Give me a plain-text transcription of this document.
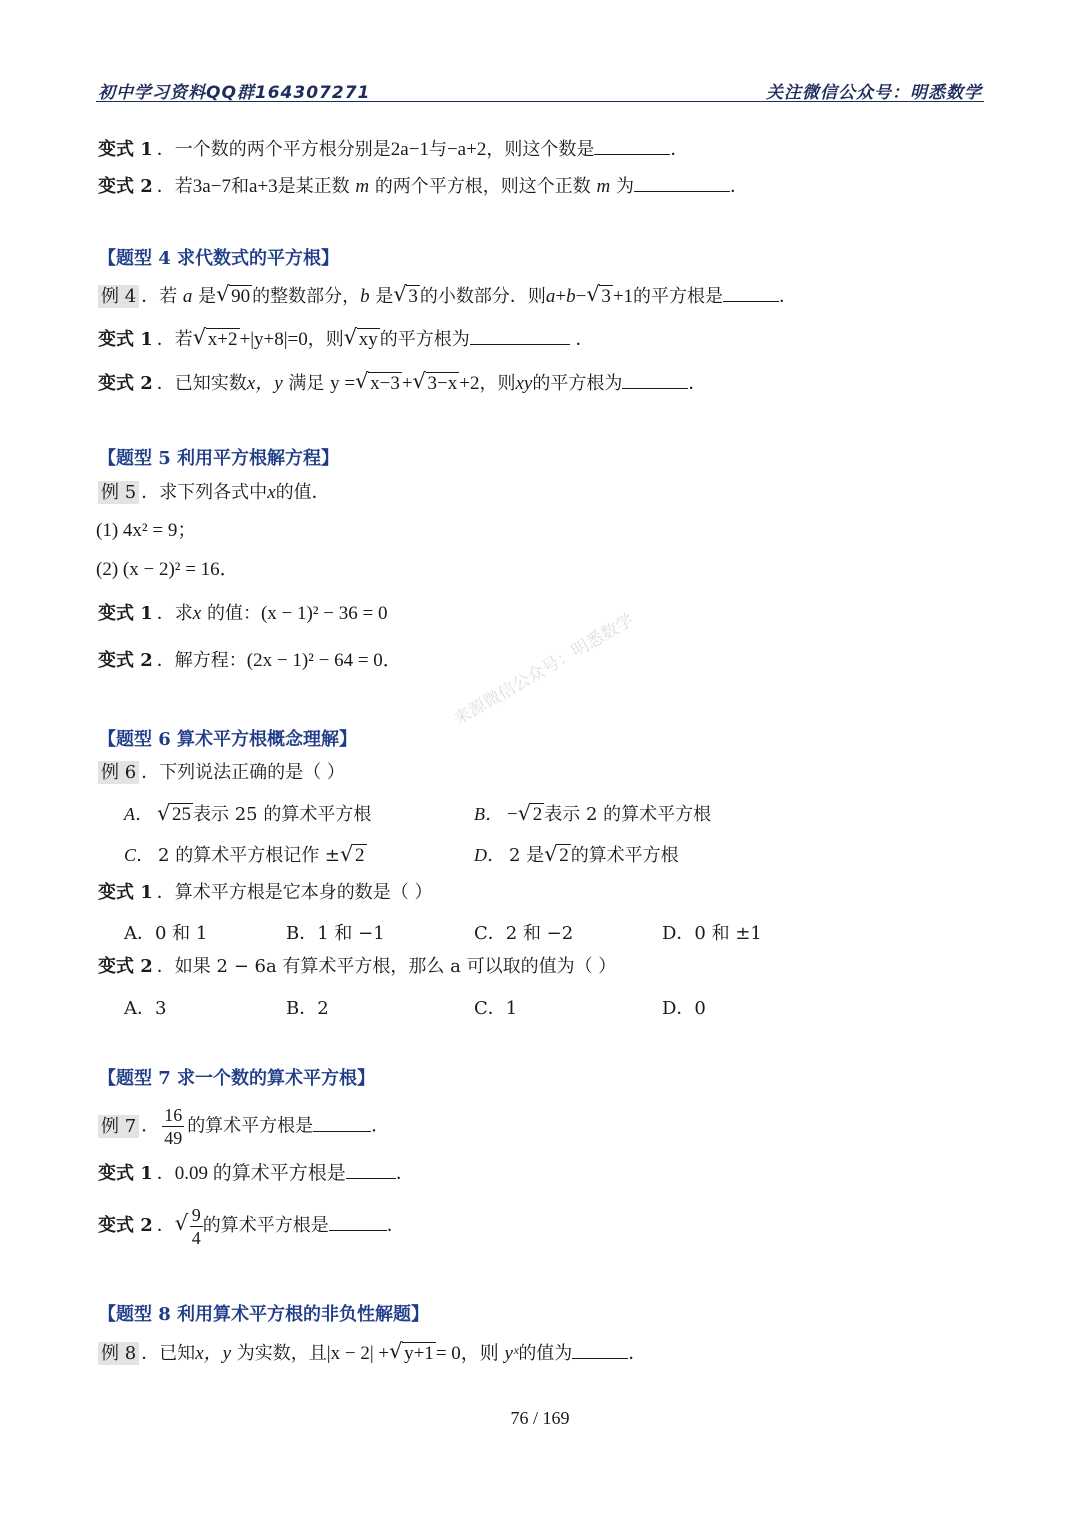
初中学习资料QQ群164307271	关注微信公众号：明悉数学
变式 1 ．一个数的两个平方根分别是2a−1与−a+2，则这个数是	．
变式 2 ．若3a−7和a+3是某正数 m 的两个平方根，则这个正数 m 为	．
【题型 4 求代数式的平方根】
例 4 ．若 a 是 √ 90 的整数部分，b 是 √ 3 的小数部分．则a+b− √ 3 +1的平方根是	．
变式 1 ．若 √ x+2 +|y+8|=0，则 √ xy 的平方根为	．
变式 2 ．已知实数x，y 满足 y = √ x−3 + √ 3−x +2，则xy的平方根为	．
【题型 5 利用平方根解方程】
例 5 ．求下列各式中x的值．
(1) 4x² = 9；
(2) (x − 2)² = 16．
变式 1 ．求x 的值：(x − 1)² − 36 = 0
变式 2 ．解方程：(2x − 1)² − 64 = 0．
【题型 6 算术平方根概念理解】
来源微信公众号：明悉数学
例 6 ．下列说法正确的是（ ）
A． √ 25 表示 25 的算术平方根	B． − √ 2 表示 2 的算术平方根
C． 2 的算术平方根记作 ± √ 2	D． 2 是 √ 2 的算术平方根
变式 1 ．算术平方根是它本身的数是（ ）
A．0 和 1	B．1 和 −1	C．2 和 −2	D．0 和 ±1
变式 2 ．如果 2 − 6a 有算术平方根，那么 a 可以取的值为（ ）
A．3	B．2	C．1	D．0
【题型 7 求一个数的算术平方根】
例 7 ． $\frac{16}{49}$ 的算术平方根是	．
变式 1 ．0.09 的算术平方根是	．
变式 2 ． √ $\frac{9}{4}$ 的算术平方根是	．
【题型 8 利用算术平方根的非负性解题】
例 8 ．已知x，y 为实数，且|x − 2| + √ y+1 = 0，则 yˣ的值为	．
76 / 169
